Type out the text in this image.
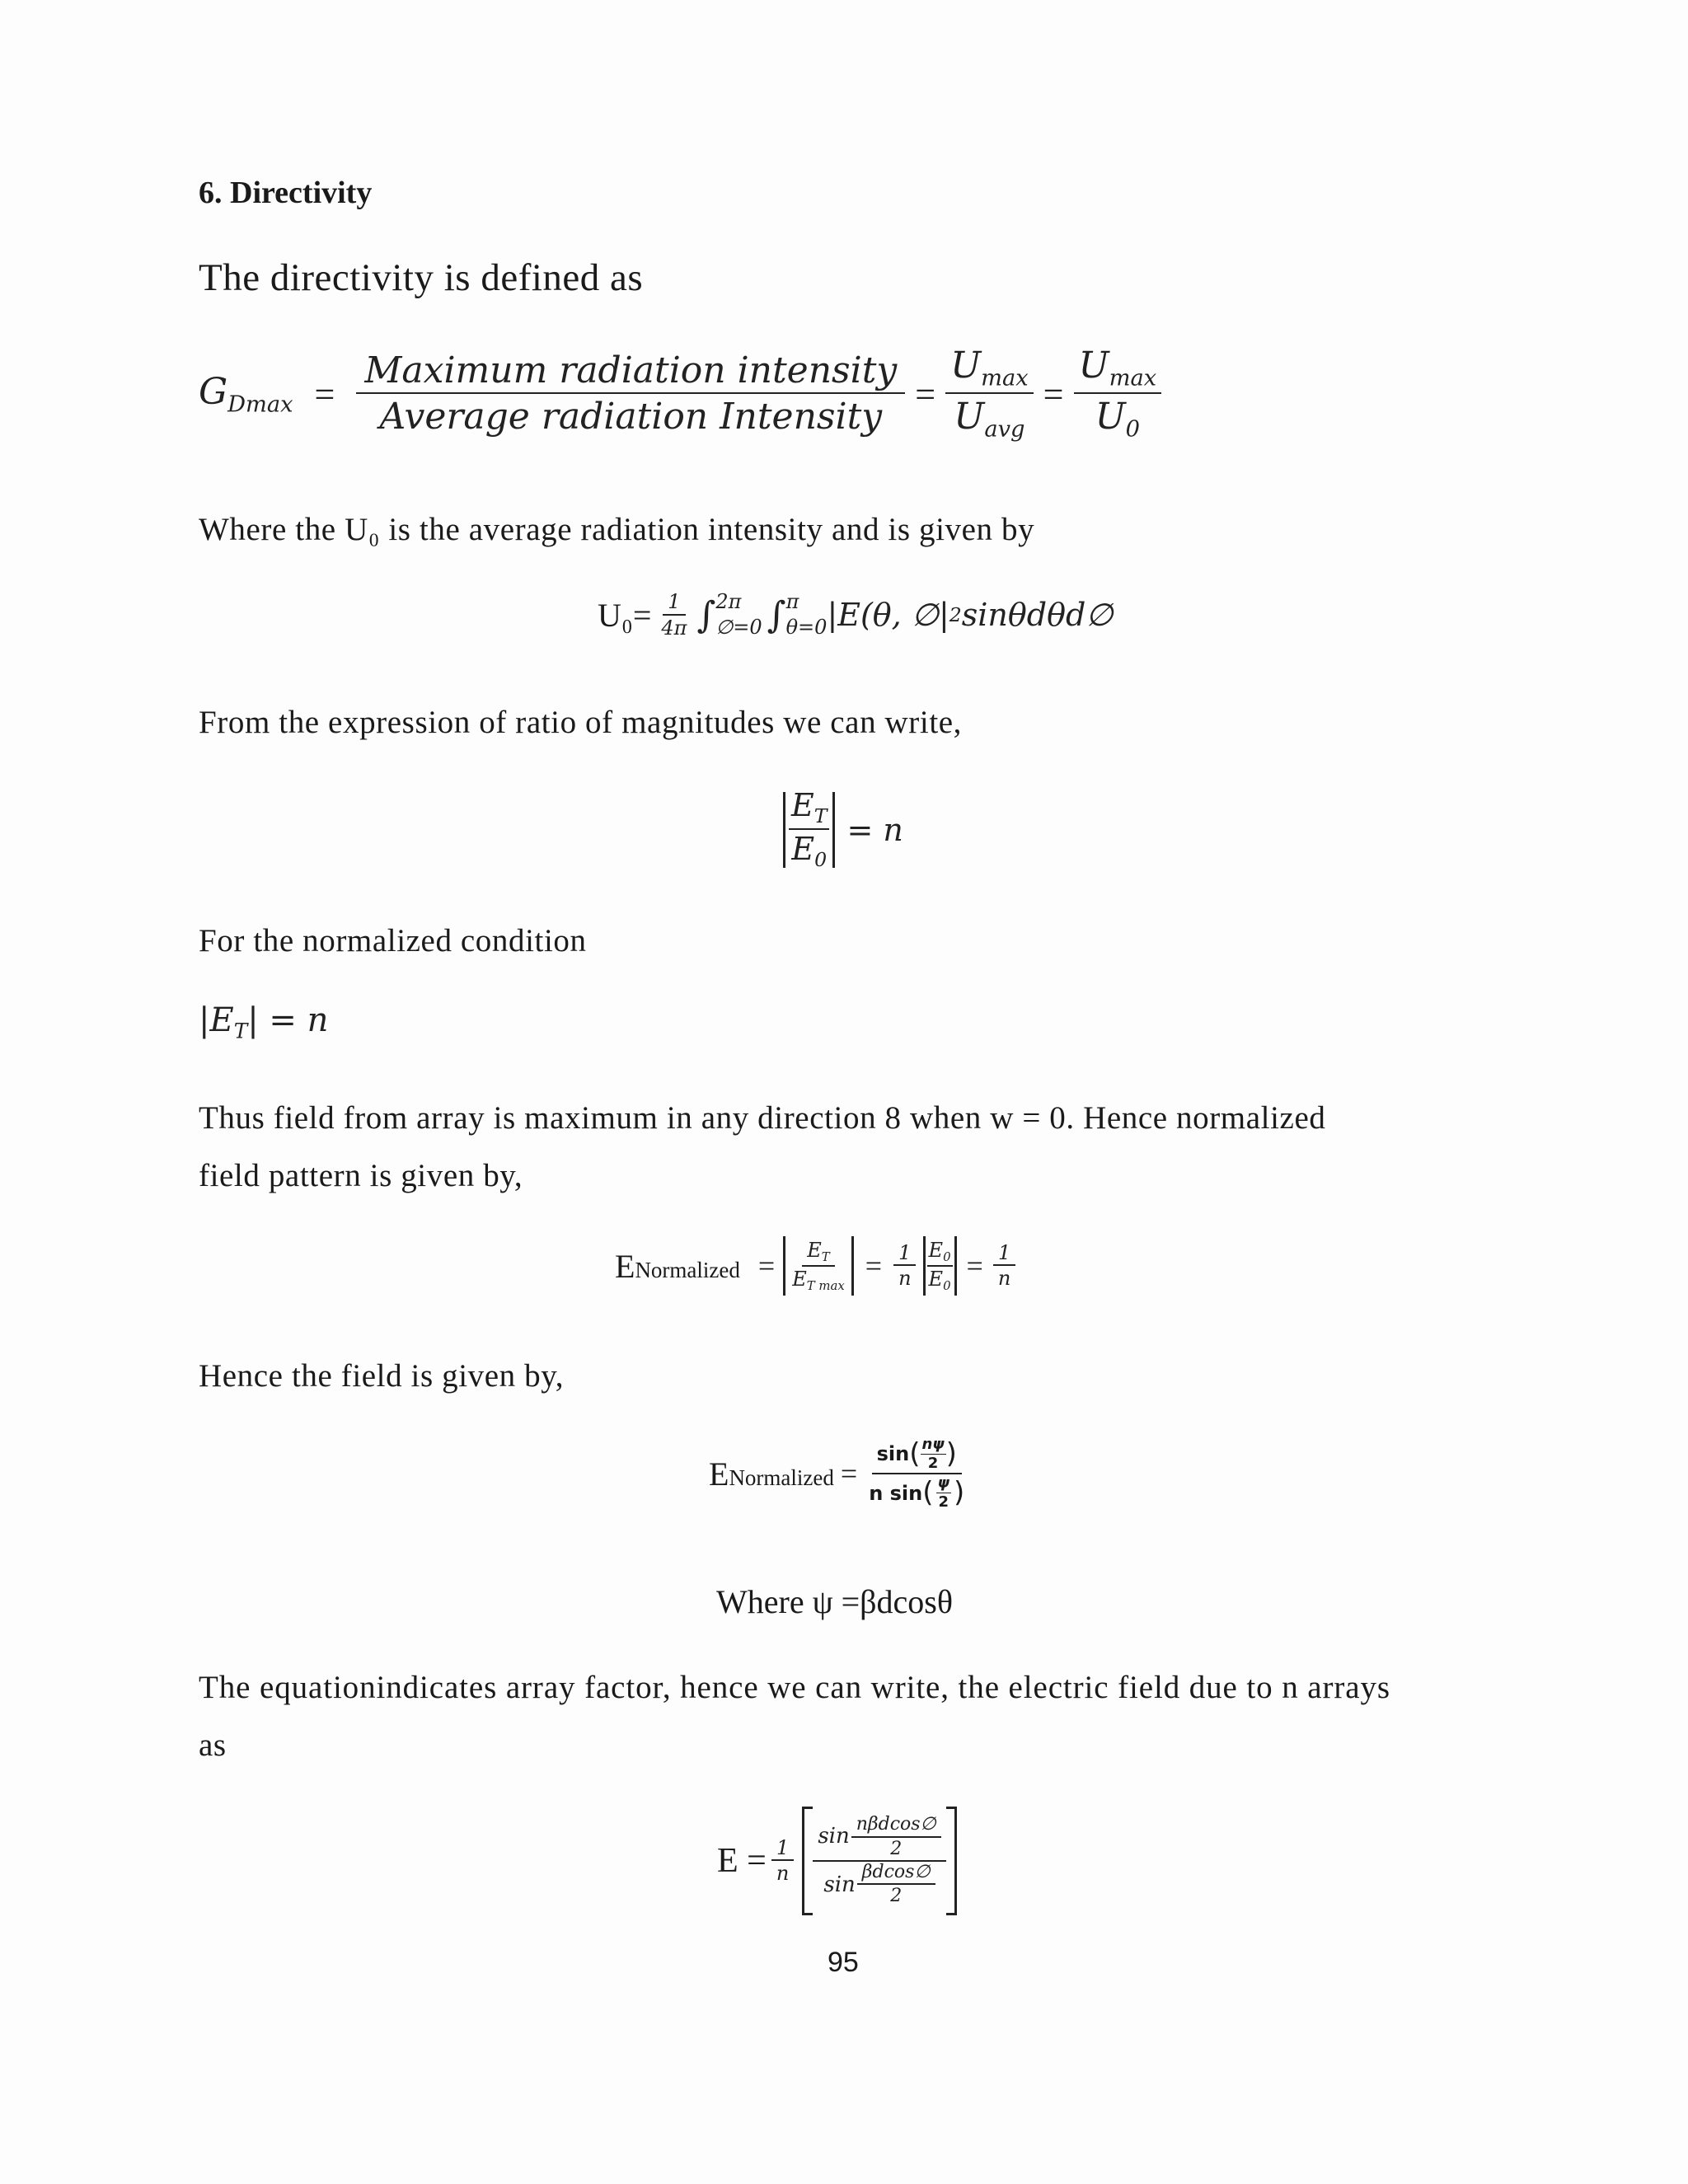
6. Directivity
The directivity is defined as
$G_{Dmax} = \frac{\text{Maximum radiation intensity}}{\text{Average radiation Intensity}} = \frac{U_{max}}{U_{avg}} = \frac{U_{max}}{U_0}$
Where the U₀ is the average radiation intensity and is given by
$U_0= \frac{1}{4\pi}$ ∫ 2π
∅=0 ∫ π
θ=0 |E(θ, ∅| 2 sinθdθd∅
From the expression of ratio of magnitudes we can write,
$\frac{E_T}{E_0} = n$
For the normalized condition
$|E_T| = n$
Thus field from array is maximum in any direction 8 when w = 0. Hence normalized
field pattern is given by,
ENormalized = $\frac{E_T}{E_{T max}} = \frac{1}{n} \frac{E_0}{E_0} = \frac{1}{n}$
Hence the field is given by,
ENormalized = $\frac{\sin ( \frac{n\psi}{2} )}{n \sin ( \frac{\psi}{2} )}$
Where ψ =βdcosθ
The equationindicates array factor, hence we can write, the electric field due to n arrays
as
$E = \frac{1}{n} \frac{\sin \frac{\text{nβdcos∅}}{2}}{\sin \frac{\beta dcos\emptyset}{2}}$
95
